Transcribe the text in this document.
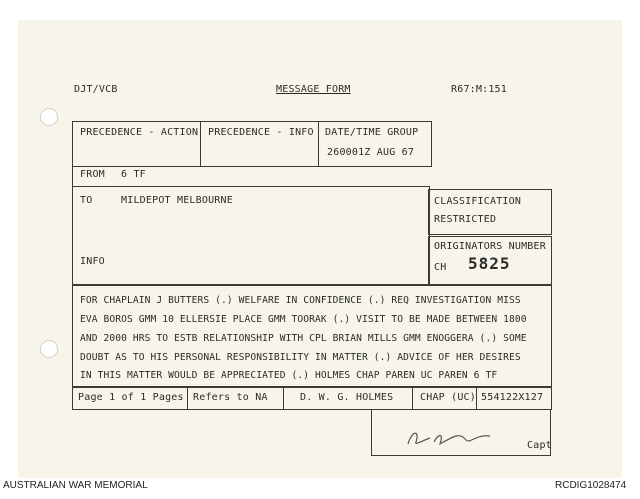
DJT/VCB	MESSAGE FORM	R67:M:151
PRECEDENCE - ACTION PRECEDENCE - INFO DATE/TIME GROUP
260001Z AUG 67
FROM 6 TF
TO	MILDEPOT MELBOURNE
INFO
CLASSIFICATION
RESTRICTED
ORIGINATORS NUMBER
CH 5825
FOR CHAPLAIN J BUTTERS (.) WELFARE IN CONFIDENCE (.) REQ INVESTIGATION MISS
EVA BOROS GMM 10 ELLERSIE PLACE GMM TOORAK (.) VISIT TO BE MADE BETWEEN 1800
AND 2000 HRS TO ESTB RELATIONSHIP WITH CPL BRIAN MILLS GMM ENOGGERA (.) SOME
DOUBT AS TO HIS PERSONAL RESPONSIBILITY IN MATTER (.) ADVICE OF HER DESIRES
IN THIS MATTER WOULD BE APPRECIATED (.) HOLMES CHAP PAREN UC PAREN 6 TF
Page 1 of 1 Pages Refers to NA	D. W. G. HOLMES	CHAP (UC) 554122X127
Capt
AUSTRALIAN WAR MEMORIAL	RCDIG1028474
